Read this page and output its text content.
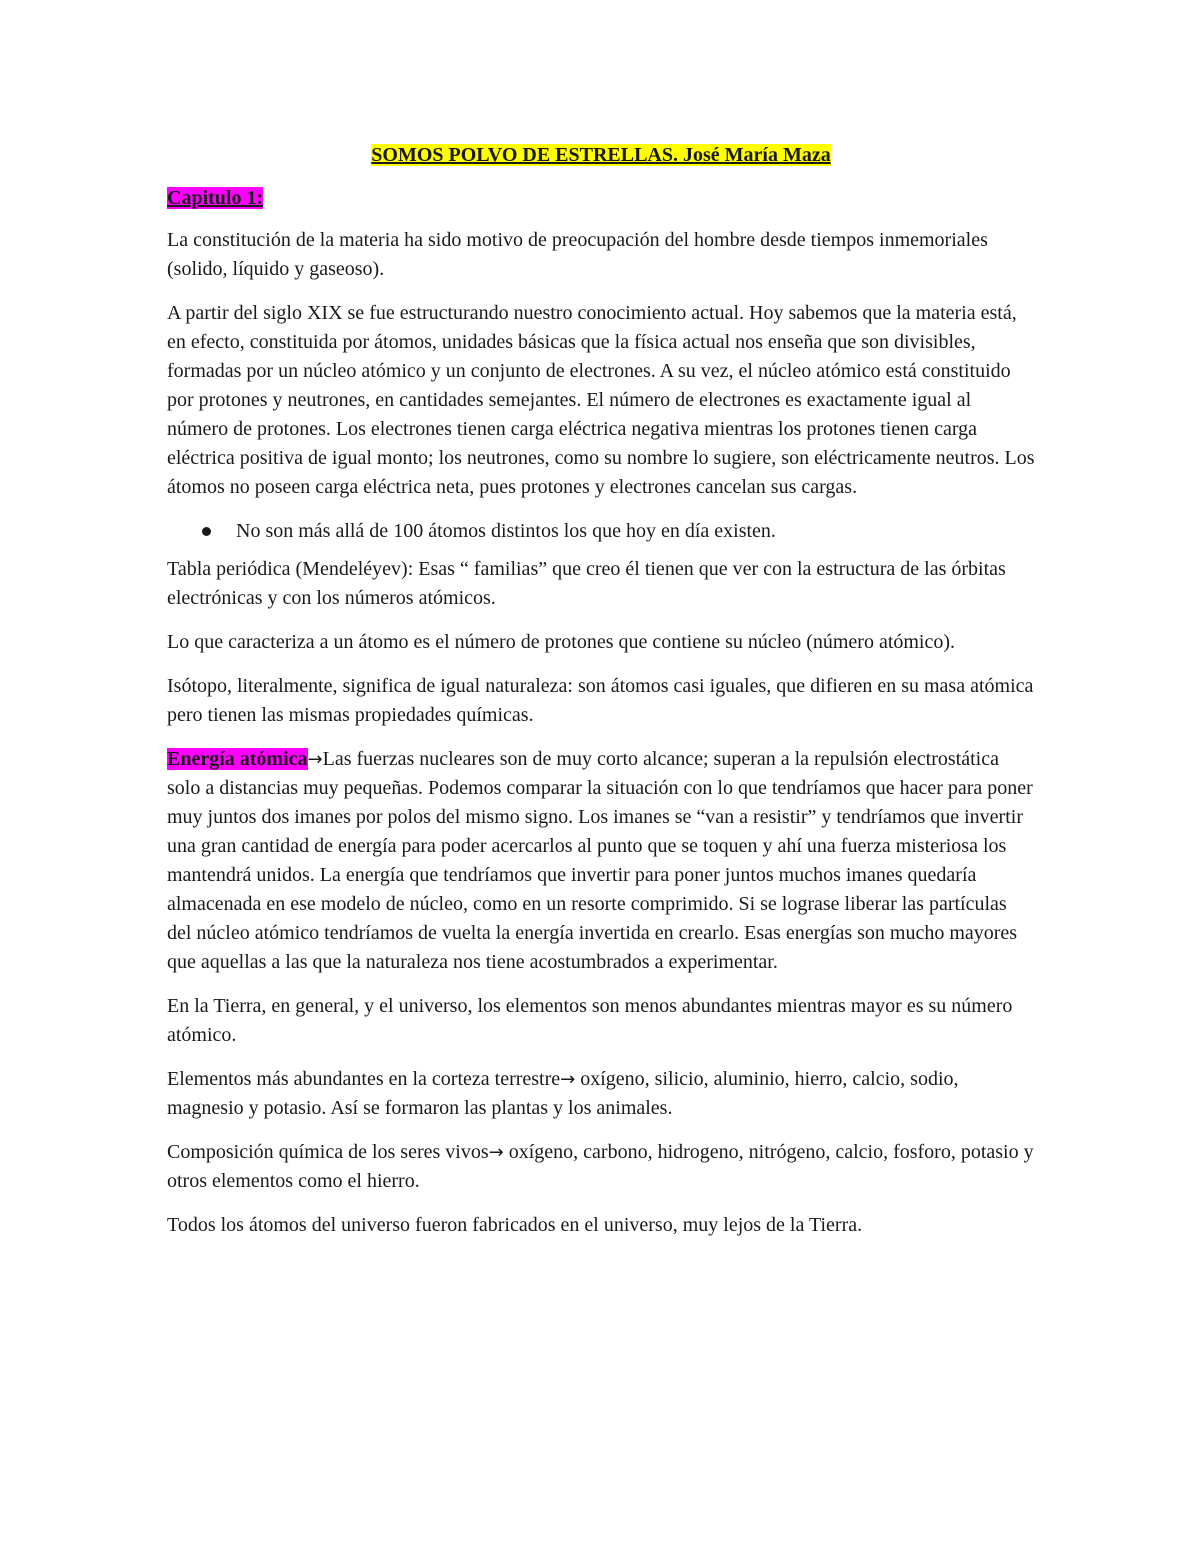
SOMOS POLVO DE ESTRELLAS. José María Maza
Capitulo 1:

La constitución de la materia ha sido motivo de preocupación del hombre desde tiempos inmemoriales (solido, líquido y gaseoso).

A partir del siglo XIX se fue estructurando nuestro conocimiento actual. Hoy sabemos que la materia está, en efecto, constituida por átomos, unidades básicas que la física actual nos enseña que son divisibles, formadas por un núcleo atómico y un conjunto de electrones. A su vez, el núcleo atómico está constituido por protones y neutrones, en cantidades semejantes. El número de electrones es exactamente igual al número de protones. Los electrones tienen carga eléctrica negativa mientras los protones tienen carga eléctrica positiva de igual monto; los neutrones, como su nombre lo sugiere, son eléctricamente neutros. Los átomos no poseen carga eléctrica neta, pues protones y electrones cancelan sus cargas.

No son más allá de 100 átomos distintos los que hoy en día existen.

Tabla periódica (Mendeléyev): Esas “ familias” que creo él tienen que ver con la estructura de las órbitas electrónicas y con los números atómicos.

Lo que caracteriza a un átomo es el número de protones que contiene su núcleo (número atómico).

Isótopo, literalmente, significa de igual naturaleza: son átomos casi iguales, que difieren en su masa atómica pero tienen las mismas propiedades químicas.

Energía atómica→Las fuerzas nucleares son de muy corto alcance; superan a la repulsión electrostática solo a distancias muy pequeñas. Podemos comparar la situación con lo que tendríamos que hacer para poner muy juntos dos imanes por polos del mismo signo. Los imanes se “van a resistir” y tendríamos que invertir una gran cantidad de energía para poder acercarlos al punto que se toquen y ahí una fuerza misteriosa los mantendrá unidos. La energía que tendríamos que invertir para poner juntos muchos imanes quedaría almacenada en ese modelo de núcleo, como en un resorte comprimido. Si se lograse liberar las partículas del núcleo atómico tendríamos de vuelta la energía invertida en crearlo. Esas energías son mucho mayores que aquellas a las que la naturaleza nos tiene acostumbrados a experimentar.

En la Tierra, en general, y el universo, los elementos son menos abundantes mientras mayor es su número atómico.

Elementos más abundantes en la corteza terrestre→ oxígeno, silicio, aluminio, hierro, calcio, sodio, magnesio y potasio. Así se formaron las plantas y los animales.

Composición química de los seres vivos→ oxígeno, carbono, hidrogeno, nitrógeno, calcio, fosforo, potasio y otros elementos como el hierro.

Todos los átomos del universo fueron fabricados en el universo, muy lejos de la Tierra.
